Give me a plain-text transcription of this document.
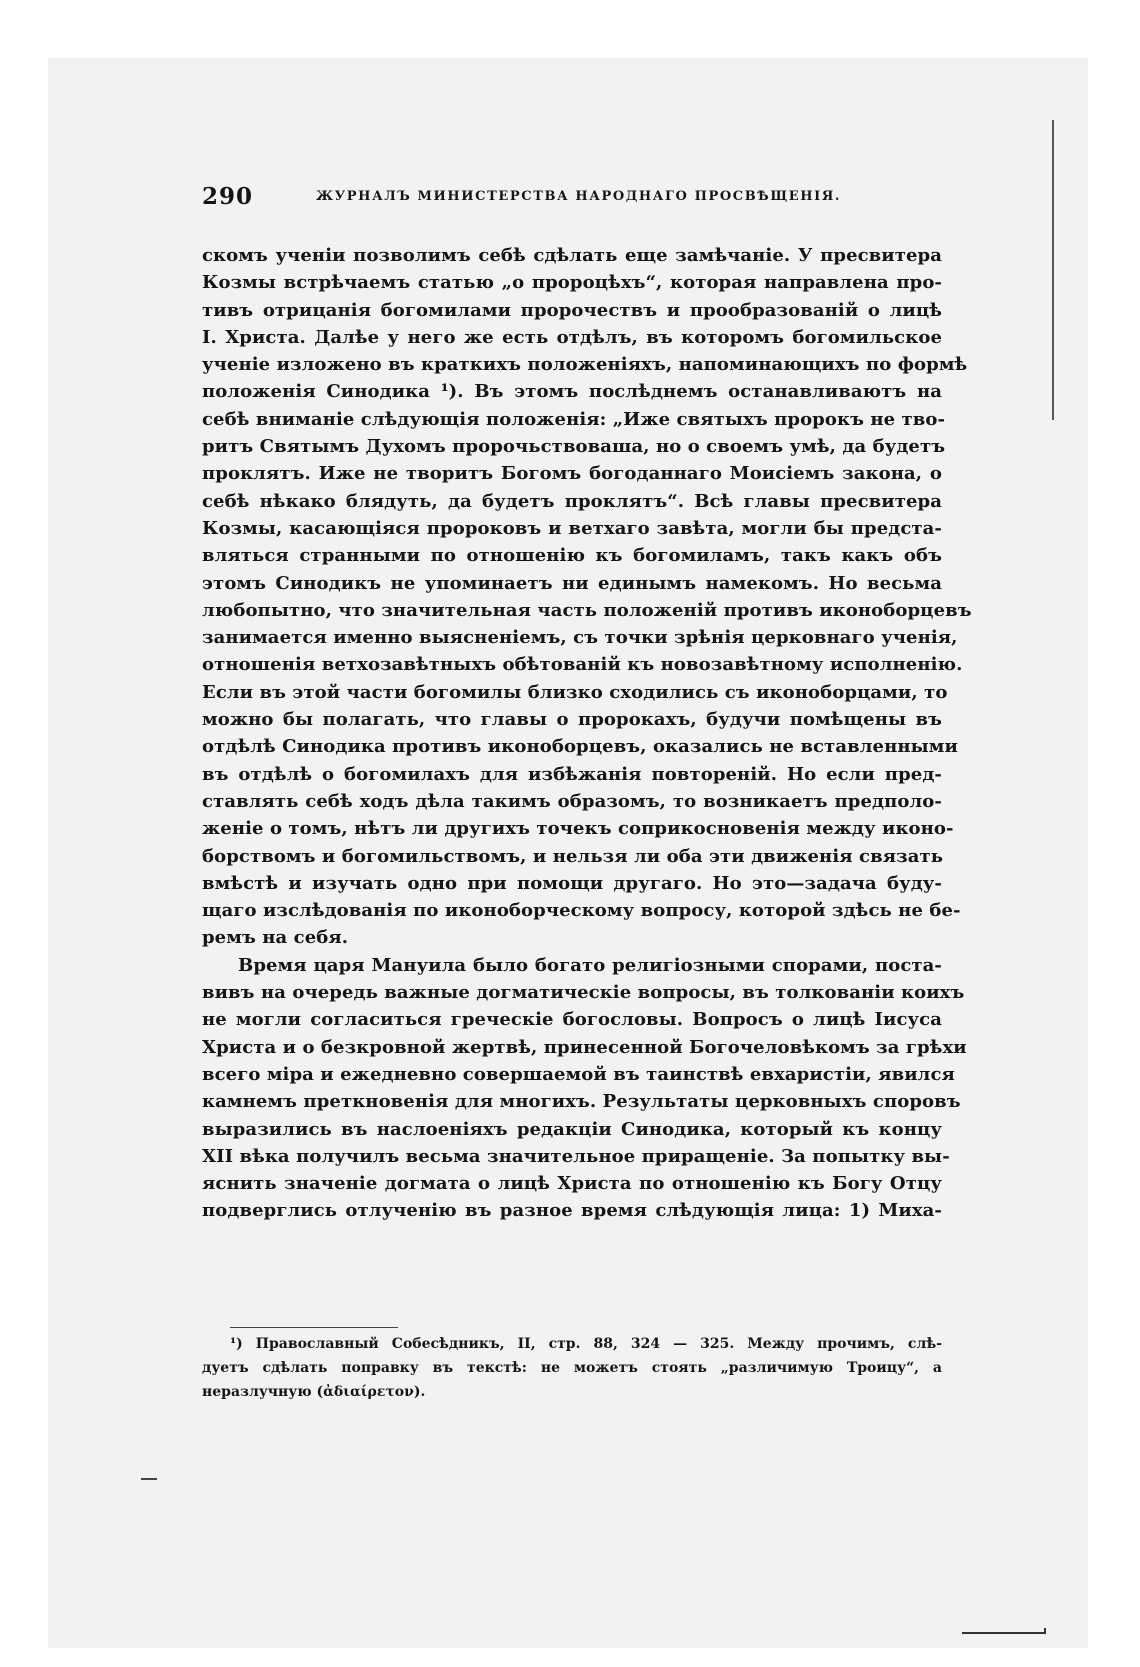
290	ЖУРНАЛЪ МИНИСТЕРСТВА НАРОДНАГО ПРОСВѢЩЕНІЯ.
скомъ ученіи позволимъ себѣ сдѣлать еще замѣчаніе. У пресвитера
Козмы встрѣчаемъ статью „о пророцѣхъ“, которая направлена про-
тивъ отрицанія богомилами пророчествъ и прообразованій о лицѣ
І. Христа. Далѣе у него же есть отдѣлъ, въ которомъ богомильское
ученіе изложено въ краткихъ положеніяхъ, напоминающихъ по формѣ
положенія Синодика ¹). Въ этомъ послѣднемъ останавливаютъ на
себѣ вниманіе слѣдующія положенія: „Иже святыхъ пророкъ не тво-
ритъ Святымъ Духомъ пророчьствоваша, но о своемъ умѣ, да будетъ
проклятъ. Иже не творитъ Богомъ богоданнаго Моисіемъ закона, о
себѣ нѣкако блядуть, да будетъ проклятъ“. Всѣ главы пресвитера
Козмы, касающіяся пророковъ и ветхаго завѣта, могли бы предста-
вляться странными по отношенію къ богомиламъ, такъ какъ объ
этомъ Синодикъ не упоминаетъ ни единымъ намекомъ. Но весьма
любопытно, что значительная часть положеній противъ иконоборцевъ
занимается именно выясненіемъ, съ точки зрѣнія церковнаго ученія,
отношенія ветхозавѣтныхъ обѣтованій къ новозавѣтному исполненію.
Если въ этой части богомилы близко сходились съ иконоборцами, то
можно бы полагать, что главы о пророкахъ, будучи помѣщены въ
отдѣлѣ Синодика противъ иконоборцевъ, оказались не вставленными
въ отдѣлѣ о богомилахъ для избѣжанія повтореній. Но если пред-
ставлять себѣ ходъ дѣла такимъ образомъ, то возникаетъ предполо-
женіе о томъ, нѣтъ ли другихъ точекъ соприкосновенія между иконо-
борствомъ и богомильствомъ, и нельзя ли оба эти движенія связать
вмѣстѣ и изучать одно при помощи другаго. Но это—задача буду-
щаго изслѣдованія по иконоборческому вопросу, которой здѣсь не бе-
ремъ на себя.
Время царя Мануила было богато религіозными спорами, поста-
вивъ на очередь важные догматическіе вопросы, въ толкованіи коихъ
не могли согласиться греческіе богословы. Вопросъ о лицѣ Іисуса
Христа и о безкровной жертвѣ, принесенной Богочеловѣкомъ за грѣхи
всего міра и ежедневно совершаемой въ таинствѣ евхаристіи, явился
камнемъ преткновенія для многихъ. Результаты церковныхъ споровъ
выразились въ наслоеніяхъ редакціи Синодика, который къ концу
XII вѣка получилъ весьма значительное приращеніе. За попытку вы-
яснить значеніе догмата о лицѣ Христа по отношенію къ Богу Отцу
подверглись отлученію въ разное время слѣдующія лица: 1) Миха-
¹) Православный Собесѣдникъ, II, стр. 88, 324 — 325. Между прочимъ, слѣ-
дуетъ сдѣлать поправку въ текстѣ: не можетъ стоять „различимую Троицу“, а
неразлучную (ἀδιαίρετον).
